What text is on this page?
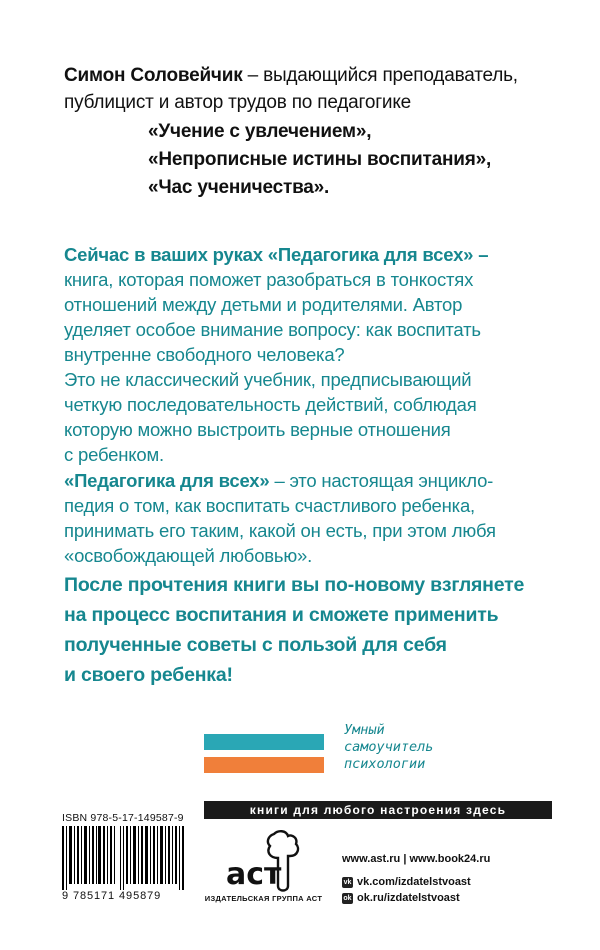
Симон Соловейчик – выдающийся преподаватель,
публицист и автор трудов по педагогике
«Учение с увлечением»,
«Непрописные истины воспитания»,
«Час ученичества».
Сейчас в ваших руках «Педагогика для всех» –
книга, которая поможет разобраться в тонкостях
отношений между детьми и родителями. Автор
уделяет особое внимание вопросу: как воспитать
внутренне свободного человека?
Это не классический учебник, предписывающий
четкую последовательность действий, соблюдая
которую можно выстроить верные отношения
с ребенком.
«Педагогика для всех» – это настоящая энцикло-
педия о том, как воспитать счастливого ребенка,
принимать его таким, какой он есть, при этом любя
«освобождающей любовью».
После прочтения книги вы по-новому взглянете
на процесс воспитания и сможете применить
полученные советы с пользой для себя
и своего ребенка!
Умный
самоучитель
психологии
книги для любого настроения здесь
ISBN 978-5-17-149587-9
9 785171 495879
аст
ИЗДАТЕЛЬСКАЯ ГРУППА АСТ
www.ast.ru | www.book24.ru
vk vk.com/izdatelstvoast
ok ok.ru/izdatelstvoast
